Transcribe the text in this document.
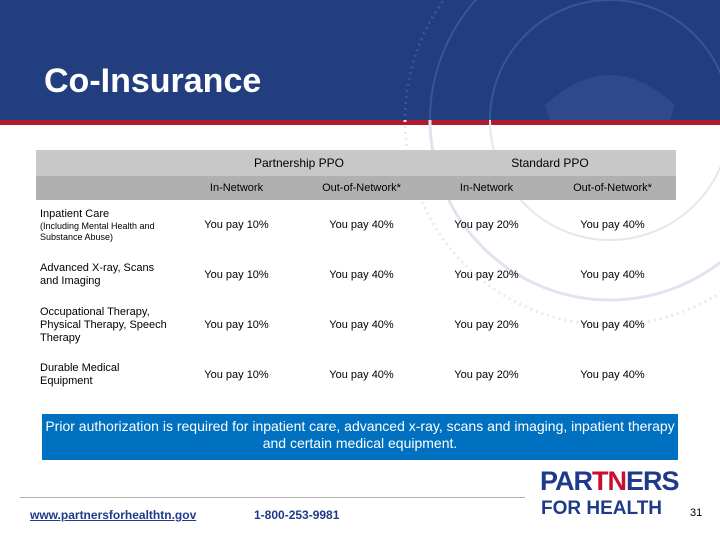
Co-Insurance
	Partnership PPO		Standard PPO	
	In-Network	Out-of-Network*	In-Network	Out-of-Network*

Inpatient Care
(Including Mental Health and Substance Abuse)	You pay 10%	You pay 40%	You pay 20%	You pay 40%

Advanced X-ray, Scans and Imaging	You pay 10%	You pay 40%	You pay 20%	You pay 40%

Occupational Therapy, Physical Therapy, Speech Therapy	You pay 10%	You pay 40%	You pay 20%	You pay 40%

Durable Medical Equipment	You pay 10%	You pay 40%	You pay 20%	You pay 40%
Prior authorization is required for inpatient care, advanced x-ray, scans and imaging, inpatient therapy and certain medical equipment.
www.partnersforhealthtn.gov	1-800-253-9981
PARTNERS
FOR HEALTH	31
